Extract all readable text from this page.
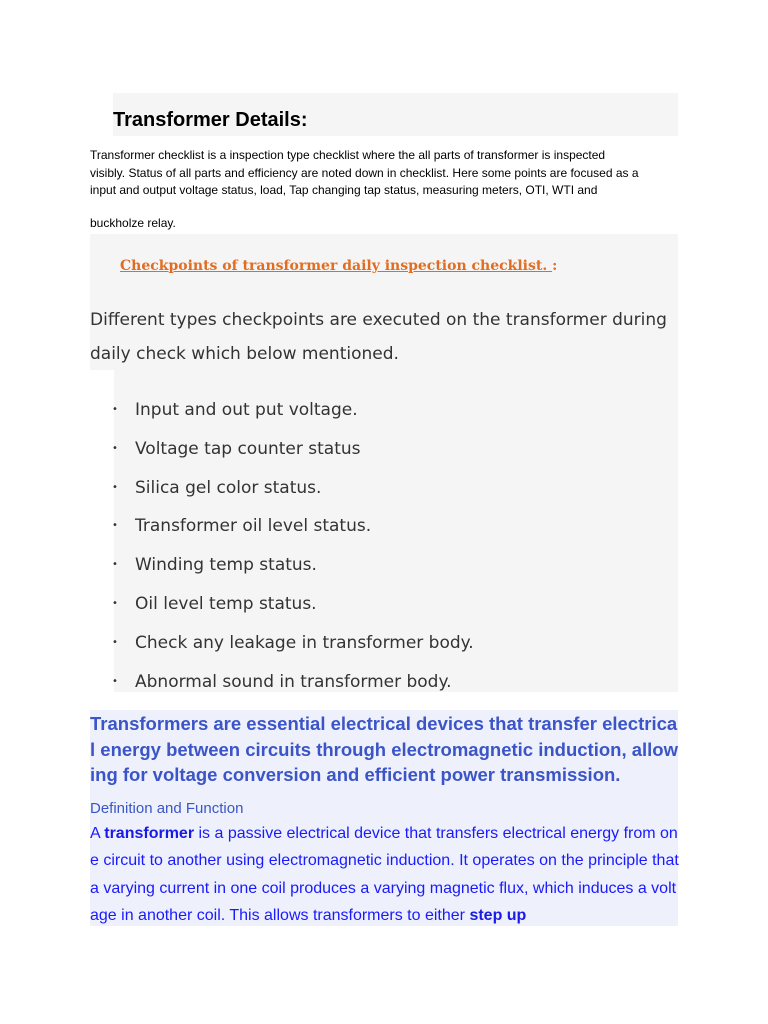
Transformer Details:

Transformer checklist is a inspection type checklist where the all parts of transformer is inspected
visibly. Status of all parts and efficiency are noted down in checklist. Here some points are focused as a
input and output voltage status, load, Tap changing tap status, measuring meters, OTI, WTI and

buckholze relay.

Checkpoints of transformer daily inspection checklist. :

Different types checkpoints are executed on the transformer during daily check which below mentioned.

• Input and out put voltage.
• Voltage tap counter status
• Silica gel color status.
• Transformer oil level status.
• Winding temp status.
• Oil level temp status.
• Check any leakage in transformer body.
• Abnormal sound in transformer body.

Transformers are essential electrical devices that transfer electrical energy between circuits through electromagnetic induction, allowing for voltage conversion and efficient power transmission.

Definition and Function

A transformer is a passive electrical device that transfers electrical energy from one circuit to another using electromagnetic induction. It operates on the principle that a varying current in one coil produces a varying magnetic flux, which induces a voltage in another coil. This allows transformers to either step up
